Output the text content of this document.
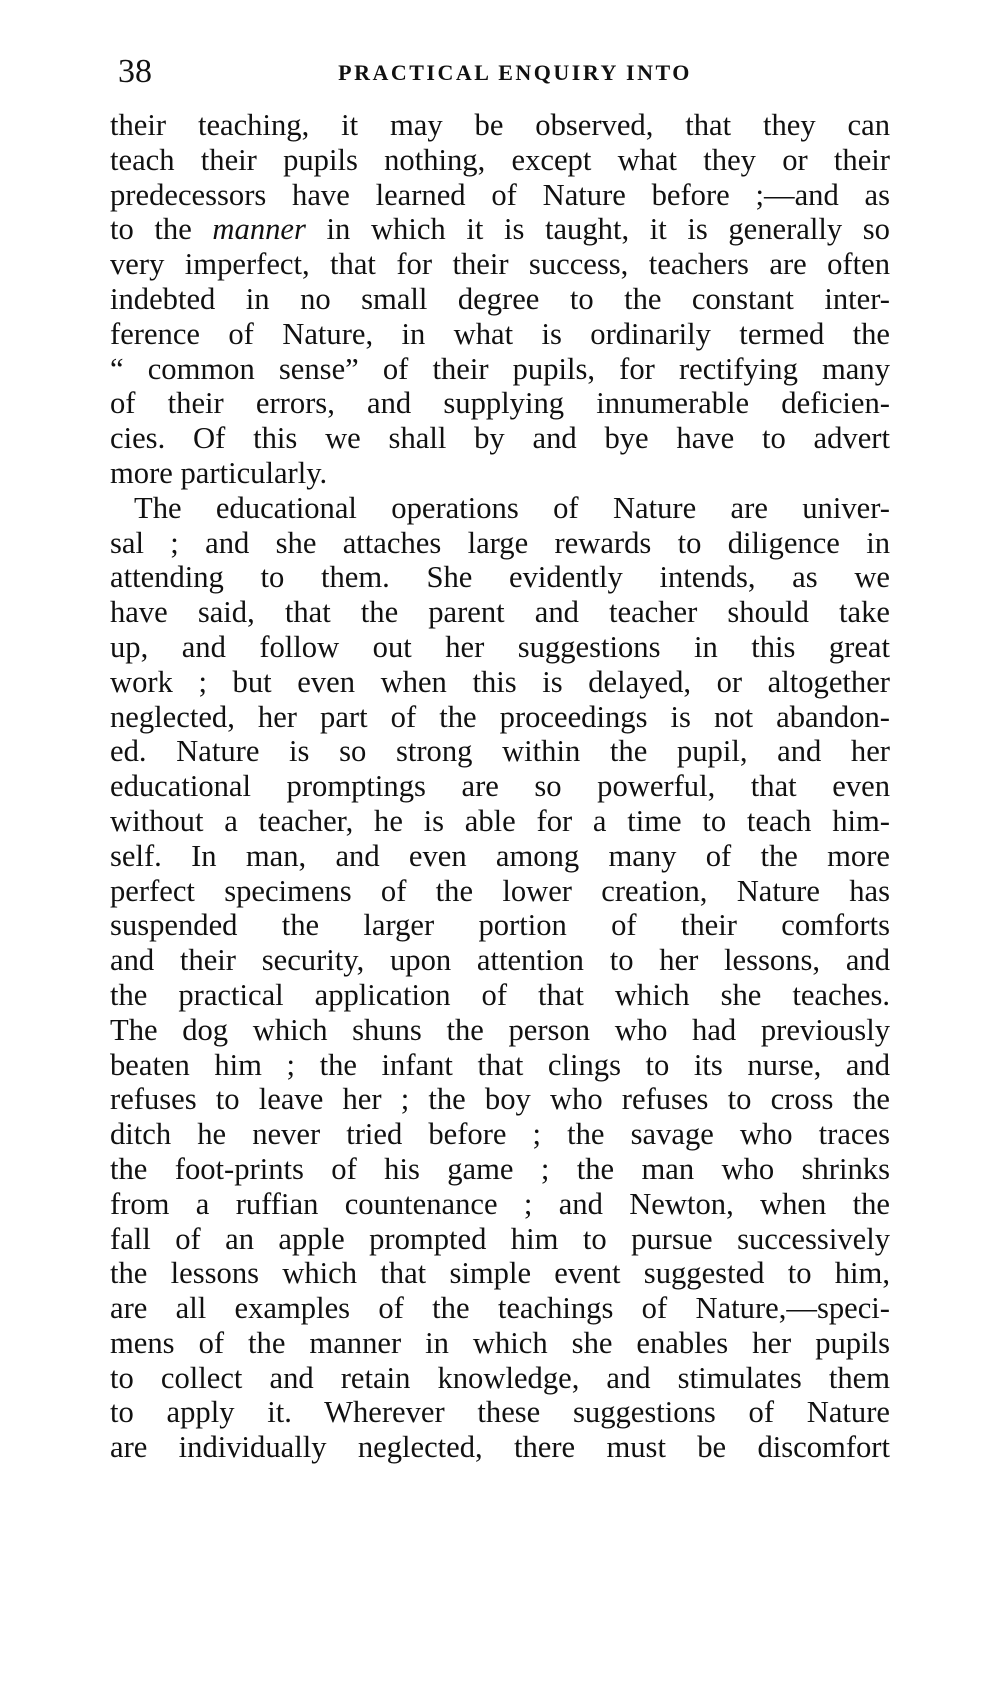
38	PRACTICAL ENQUIRY INTO
their teaching, it may be observed, that they can
teach their pupils nothing, except what they or their
predecessors have learned of Nature before ;—and as
to the manner in which it is taught, it is generally so
very imperfect, that for their success, teachers are often
indebted in no small degree to the constant inter-
ference of Nature, in what is ordinarily termed the
“ common sense” of their pupils, for rectifying many
of their errors, and supplying innumerable deficien-
cies. Of this we shall by and bye have to advert
more particularly.
The educational operations of Nature are univer-
sal ; and she attaches large rewards to diligence in
attending to them. She evidently intends, as we
have said, that the parent and teacher should take
up, and follow out her suggestions in this great
work ; but even when this is delayed, or altogether
neglected, her part of the proceedings is not abandon-
ed. Nature is so strong within the pupil, and her
educational promptings are so powerful, that even
without a teacher, he is able for a time to teach him-
self. In man, and even among many of the more
perfect specimens of the lower creation, Nature has
suspended the larger portion of their comforts
and their security, upon attention to her lessons, and
the practical application of that which she teaches.
The dog which shuns the person who had previously
beaten him ; the infant that clings to its nurse, and
refuses to leave her ; the boy who refuses to cross the
ditch he never tried before ; the savage who traces
the foot-prints of his game ; the man who shrinks
from a ruffian countenance ; and Newton, when the
fall of an apple prompted him to pursue successively
the lessons which that simple event suggested to him,
are all examples of the teachings of Nature,—speci-
mens of the manner in which she enables her pupils
to collect and retain knowledge, and stimulates them
to apply it. Wherever these suggestions of Nature
are individually neglected, there must be discomfort
